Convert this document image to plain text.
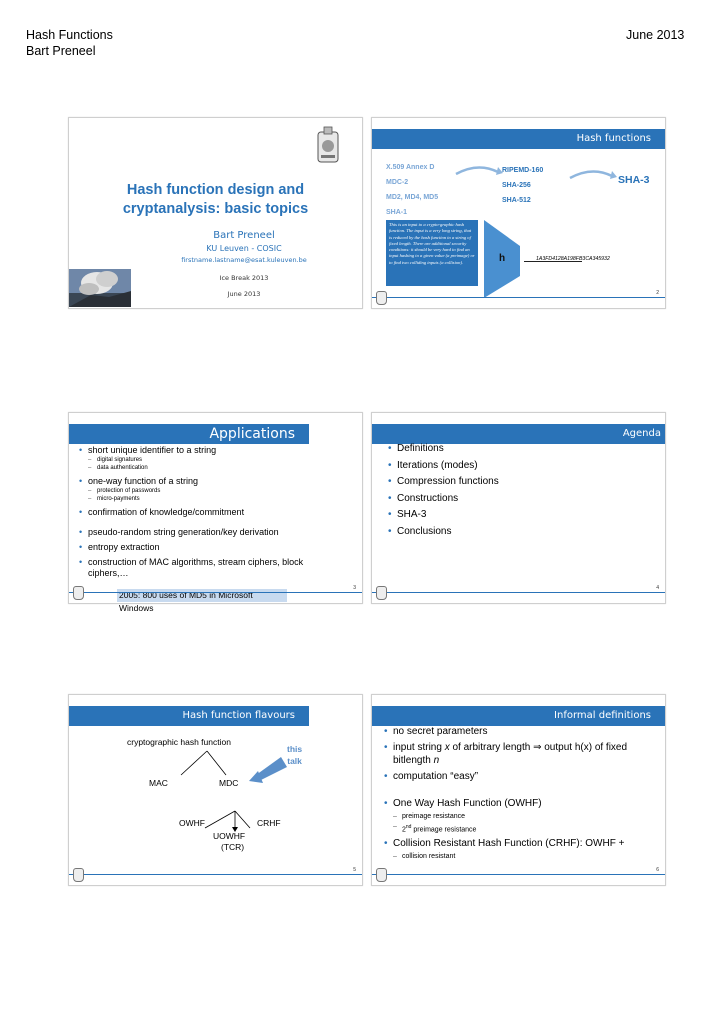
Hash Functions
Bart Preneel
June 2013
Hash function design and
cryptanalysis: basic topics
Bart Preneel
KU Leuven - COSIC
firstname.lastname@esat.kuleuven.be
Ice Break 2013
June 2013
Hash functions
X.509 Annex D
MDC-2
MD2, MD4, MD5
SHA-1
RIPEMD-160
SHA-256
SHA-512
SHA-3
This is an input to a crypto-graphic hash function. The input is a very long string, that is reduced by the hash function to a string of fixed length. There are additional security conditions: it should be very hard to find an input hashing to a given value (a preimage) or to find two colliding inputs (a collision).	h	1A3FD4128A198FB3CA345932
2
Applications
• short unique identifier to a string
– digital signatures
– data authentication
• one-way function of a string
– protection of passwords
– micro-payments
• confirmation of knowledge/commitment
• pseudo-random string generation/key derivation
• entropy extraction
• construction of MAC algorithms, stream ciphers, block ciphers,…
2005: 800 uses of MD5 in Microsoft Windows
3
Agenda
• Definitions
• Iterations (modes)
• Compression functions
• Constructions
• SHA-3
• Conclusions
4
Hash function flavours
cryptographic hash function
this
talk
MAC	MDC
OWHF	CRHF
UOWHF
(TCR)
5
Informal definitions
• no secret parameters
• input string x of arbitrary length ⇒ output h(x) of fixed bitlength n
• computation “easy”
• One Way Hash Function (OWHF)
– preimage resistance
– 2nd preimage resistance
• Collision Resistant Hash Function (CRHF): OWHF +
– collision resistant
6
